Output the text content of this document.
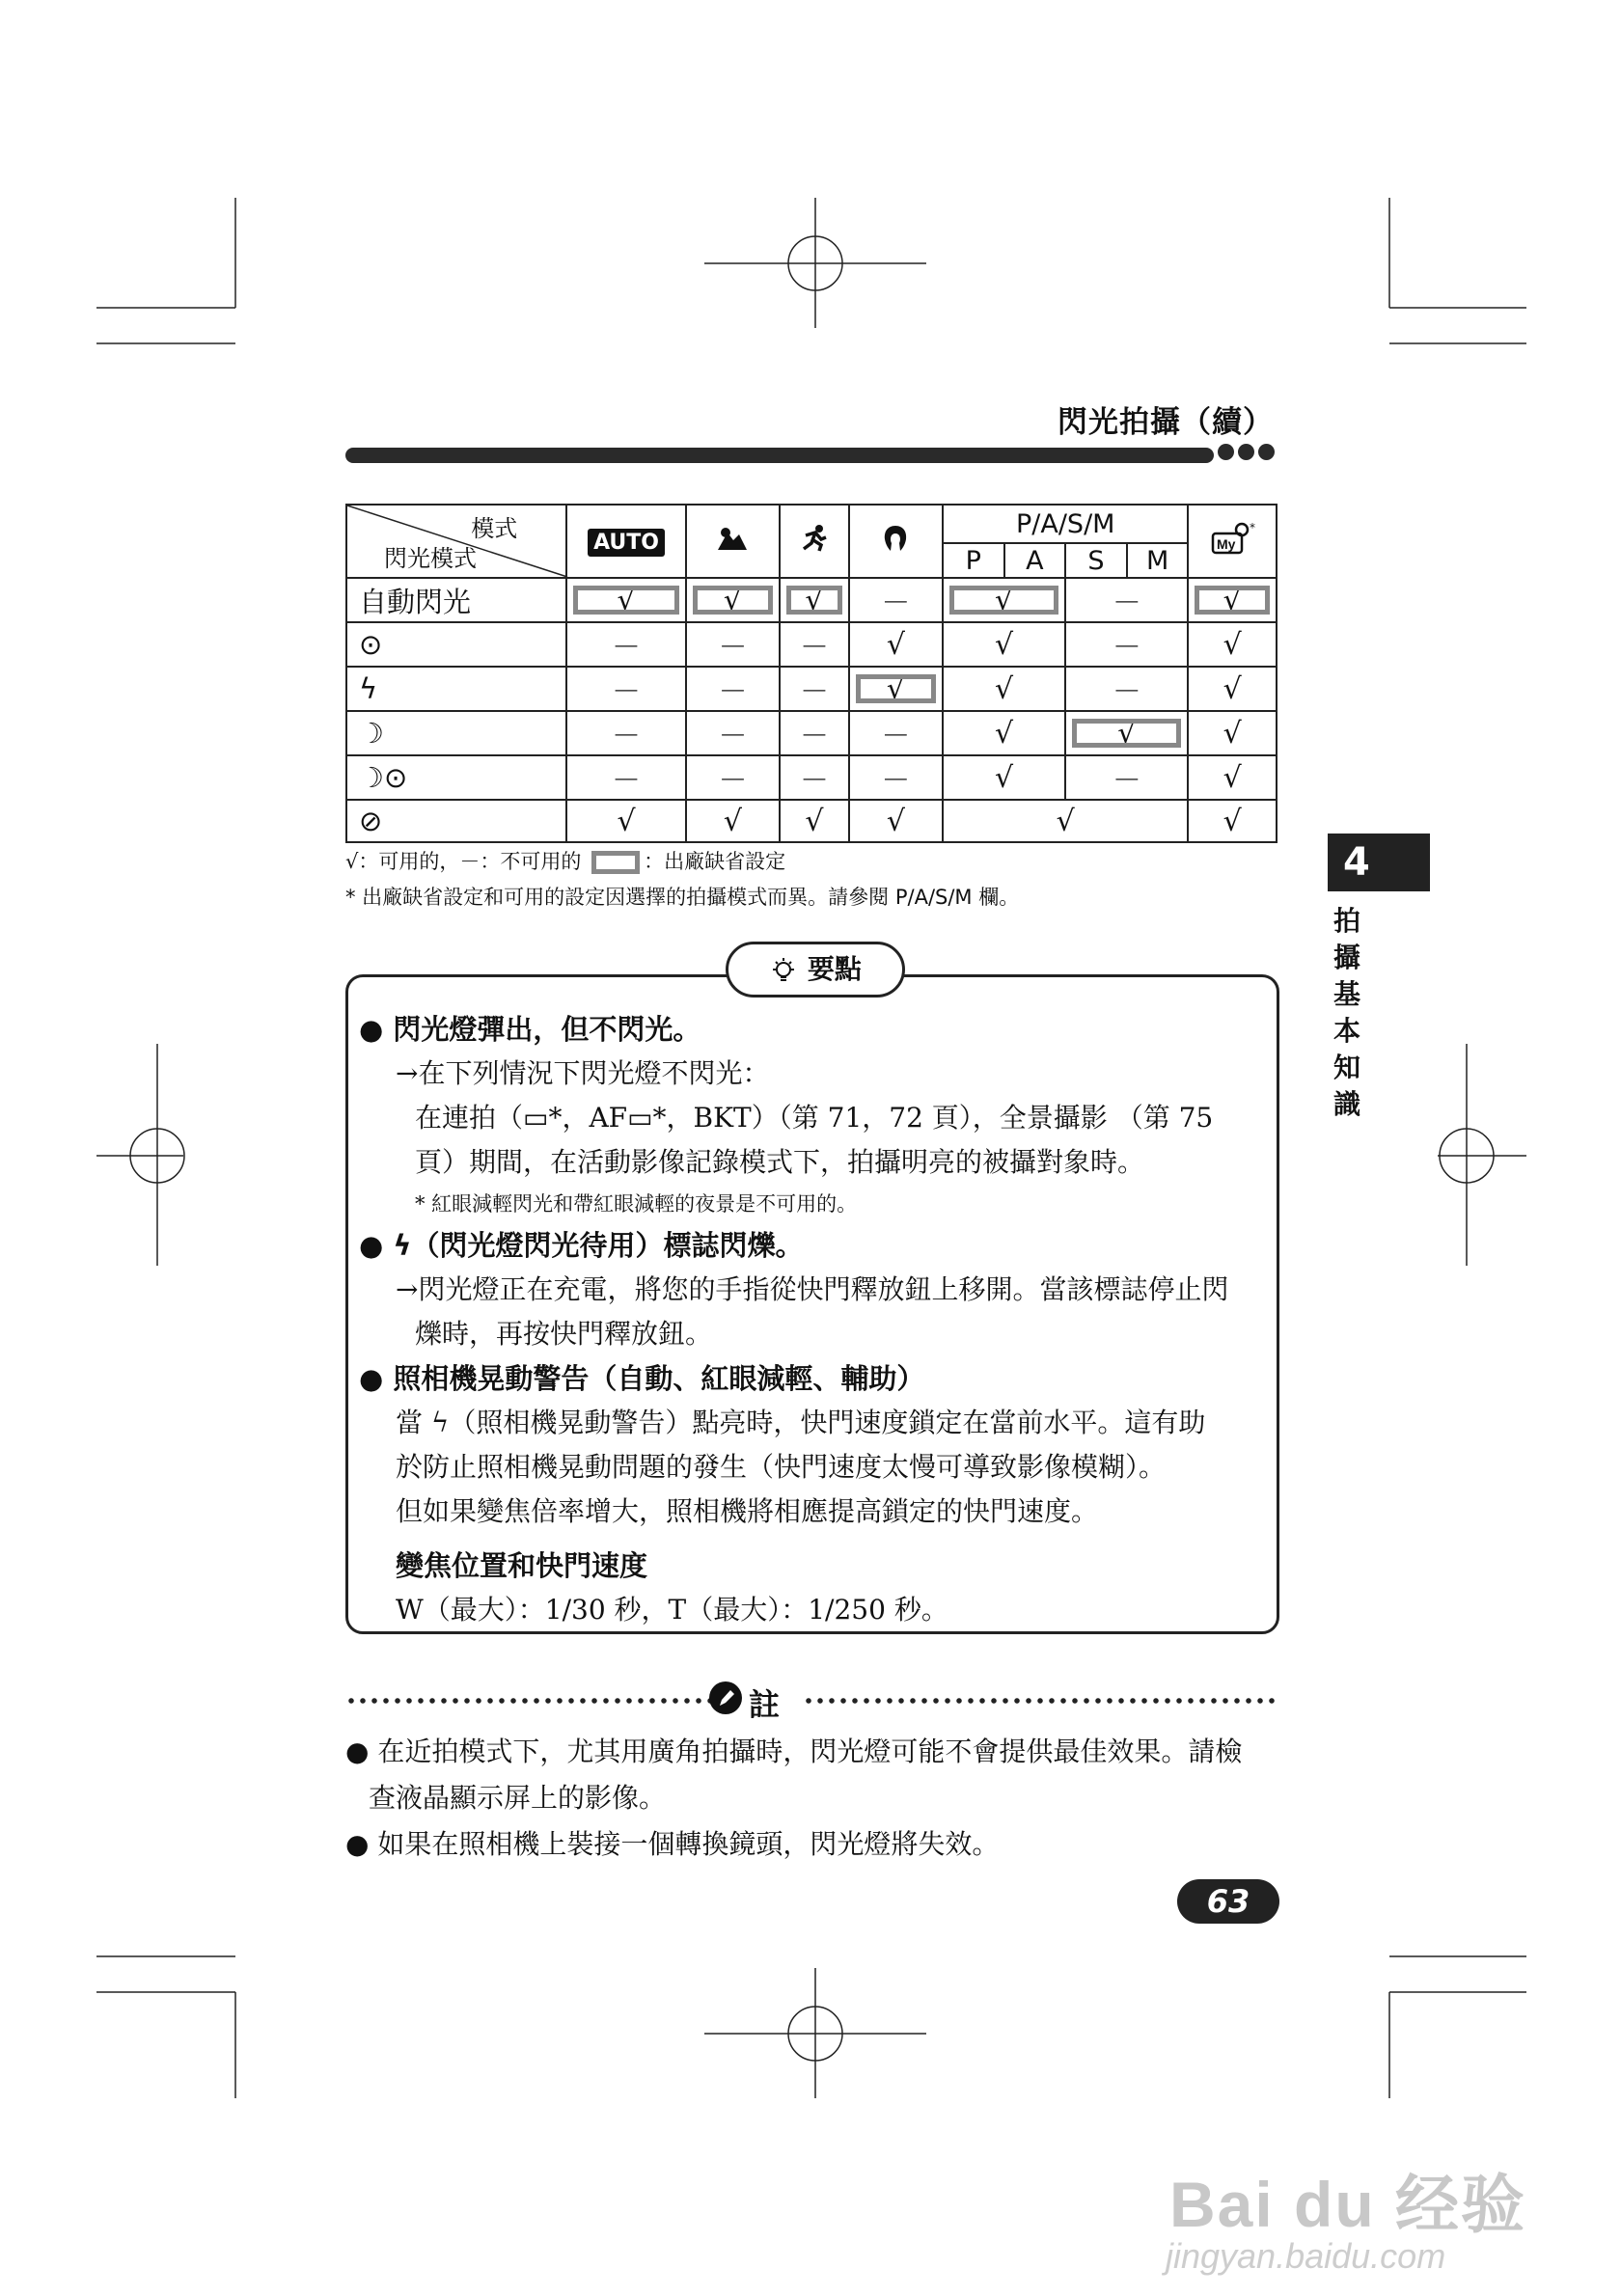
閃光拍攝（續）
模式
閃光模式	AUTO				P/A/S/M				My
*

					P	A	S	M	
自動閃光	√	√	√	－	√		－		√
⊙	－	－	－	√	√		－		√
ϟ	－	－	－	√	√		－		√
☽	－	－	－	－	√		√		√
☽⊙	－	－	－	－	√		－		√
⊘	√	√	√	√	√				√
√：可用的，－：不可用的	：出廠缺省設定
* 出廠缺省設定和可用的設定因選擇的拍攝模式而異。請參閱 P/A/S/M 欄。
4
拍攝基本知識
要點
● 閃光燈彈出，但不閃光。
→在下列情況下閃光燈不閃光：
在連拍（▭*，AF▭*，BKT）（第 71，72 頁），全景攝影 （第 75
頁）期間，在活動影像記錄模式下，拍攝明亮的被攝對象時。
* 紅眼減輕閃光和帶紅眼減輕的夜景是不可用的。
● ϟ（閃光燈閃光待用）標誌閃爍。
→閃光燈正在充電，將您的手指從快門釋放鈕上移開。當該標誌停止閃
爍時，再按快門釋放鈕。
● 照相機晃動警告（自動、紅眼減輕、輔助）
當 ϟ（照相機晃動警告）點亮時，快門速度鎖定在當前水平。這有助
於防止照相機晃動問題的發生（快門速度太慢可導致影像模糊）。
但如果變焦倍率增大，照相機將相應提高鎖定的快門速度。
變焦位置和快門速度
W（最大）：1/30 秒，T（最大）：1/250 秒。
註
● 在近拍模式下，尤其用廣角拍攝時，閃光燈可能不會提供最佳效果。請檢
查液晶顯示屏上的影像。
● 如果在照相機上裝接一個轉換鏡頭，閃光燈將失效。
63
Bai du 经验
jingyan.baidu.com
